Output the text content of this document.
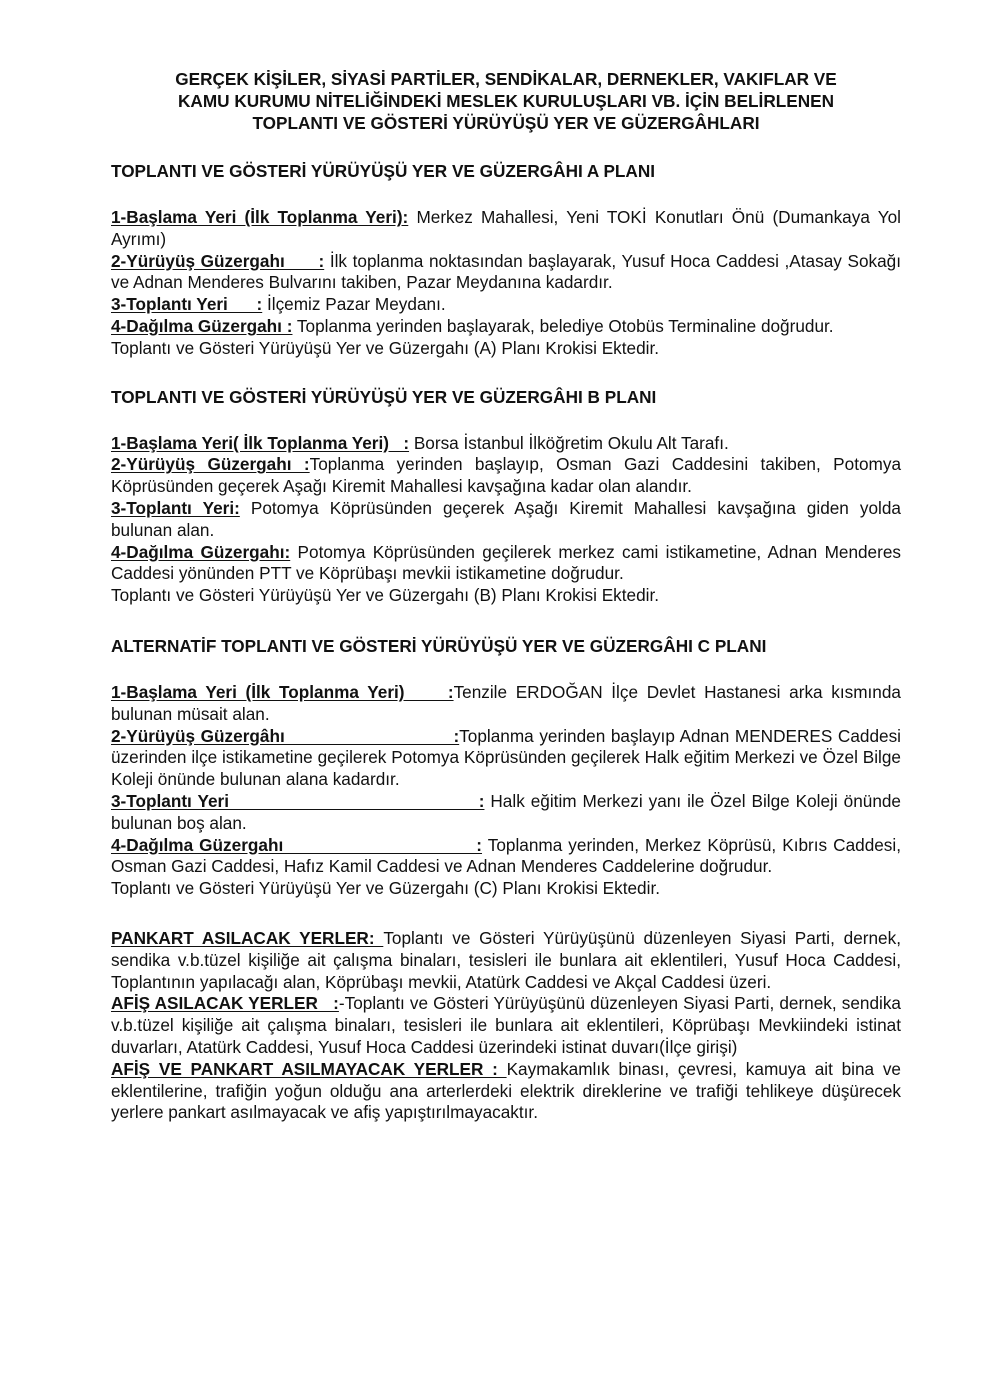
GERÇEK KİŞİLER, SİYASİ PARTİLER, SENDİKALAR, DERNEKLER, VAKIFLAR VE
KAMU KURUMU NİTELİĞİNDEKİ MESLEK KURULUŞLARI VB. İÇİN BELİRLENEN
TOPLANTI VE GÖSTERİ YÜRÜYÜŞÜ YER VE GÜZERGÂHLARI
TOPLANTI VE GÖSTERİ YÜRÜYÜŞÜ YER VE GÜZERGÂHI A PLANI

1-Başlama Yeri (İlk Toplanma Yeri): Merkez Mahallesi, Yeni TOKİ Konutları Önü (Dumankaya Yol Ayrımı)

2-Yürüyüş Güzergahı      : İlk toplanma noktasından başlayarak, Yusuf Hoca Caddesi ,Atasay Sokağı ve Adnan Menderes Bulvarını takiben, Pazar Meydanına kadardır.

3-Toplantı Yeri      : İlçemiz Pazar Meydanı.

4-Dağılma Güzergahı : Toplanma yerinden başlayarak, belediye Otobüs Terminaline doğrudur.

Toplantı ve Gösteri Yürüyüşü Yer ve Güzergahı (A) Planı Krokisi Ektedir.

TOPLANTI VE GÖSTERİ YÜRÜYÜŞÜ YER VE GÜZERGÂHI B PLANI

1-Başlama Yeri( İlk Toplanma Yeri)   : Borsa İstanbul İlköğretim Okulu Alt Tarafı.

2-Yürüyüş Güzergahı :Toplanma yerinden başlayıp, Osman Gazi Caddesini takiben, Potomya Köprüsünden geçerek Aşağı Kiremit Mahallesi kavşağına kadar olan alandır.

3-Toplantı Yeri: Potomya Köprüsünden geçerek Aşağı Kiremit Mahallesi kavşağına giden yolda bulunan alan.

4-Dağılma Güzergahı: Potomya Köprüsünden geçilerek merkez cami istikametine, Adnan Menderes Caddesi yönünden PTT ve Köprübaşı mevkii istikametine doğrudur.

Toplantı ve Gösteri Yürüyüşü Yer ve Güzergahı (B) Planı Krokisi Ektedir.

ALTERNATİF TOPLANTI VE GÖSTERİ YÜRÜYÜŞÜ YER VE GÜZERGÂHI C PLANI

1-Başlama Yeri (İlk Toplanma Yeri)     :Tenzile ERDOĞAN İlçe Devlet Hastanesi arka kısmında bulunan müsait alan.

2-Yürüyüş Güzergâhı                              :Toplanma yerinden başlayıp Adnan MENDERES Caddesi üzerinden ilçe istikametine geçilerek Potomya Köprüsünden geçilerek Halk eğitim Merkezi ve Özel Bilge Koleji önünde bulunan alana kadardır.

3-Toplantı Yeri                                          : Halk eğitim Merkezi yanı ile Özel Bilge Koleji önünde bulunan boş alan.

4-Dağılma Güzergahı                                : Toplanma yerinden, Merkez Köprüsü, Kıbrıs Caddesi, Osman Gazi Caddesi, Hafız Kamil Caddesi ve Adnan Menderes Caddelerine doğrudur.

Toplantı ve Gösteri Yürüyüşü Yer ve Güzergahı (C) Planı Krokisi Ektedir.

PANKART ASILACAK YERLER: Toplantı ve Gösteri Yürüyüşünü düzenleyen Siyasi Parti, dernek, sendika v.b.tüzel kişiliğe ait çalışma binaları, tesisleri ile bunlara ait eklentileri, Yusuf Hoca Caddesi, Toplantının yapılacağı alan, Köprübaşı mevkii, Atatürk Caddesi ve Akçal Caddesi üzeri.

AFİŞ ASILACAK YERLER   :-Toplantı ve Gösteri Yürüyüşünü düzenleyen Siyasi Parti, dernek, sendika v.b.tüzel kişiliğe ait çalışma binaları, tesisleri ile bunlara ait eklentileri, Köprübaşı Mevkiindeki istinat duvarları, Atatürk Caddesi, Yusuf Hoca Caddesi üzerindeki istinat duvarı(İlçe girişi)

AFİŞ VE PANKART ASILMAYACAK YERLER : Kaymakamlık binası, çevresi, kamuya ait bina ve eklentilerine, trafiğin yoğun olduğu ana arterlerdeki elektrik direklerine ve trafiği tehlikeye düşürecek yerlere pankart asılmayacak ve afiş yapıştırılmayacaktır.
